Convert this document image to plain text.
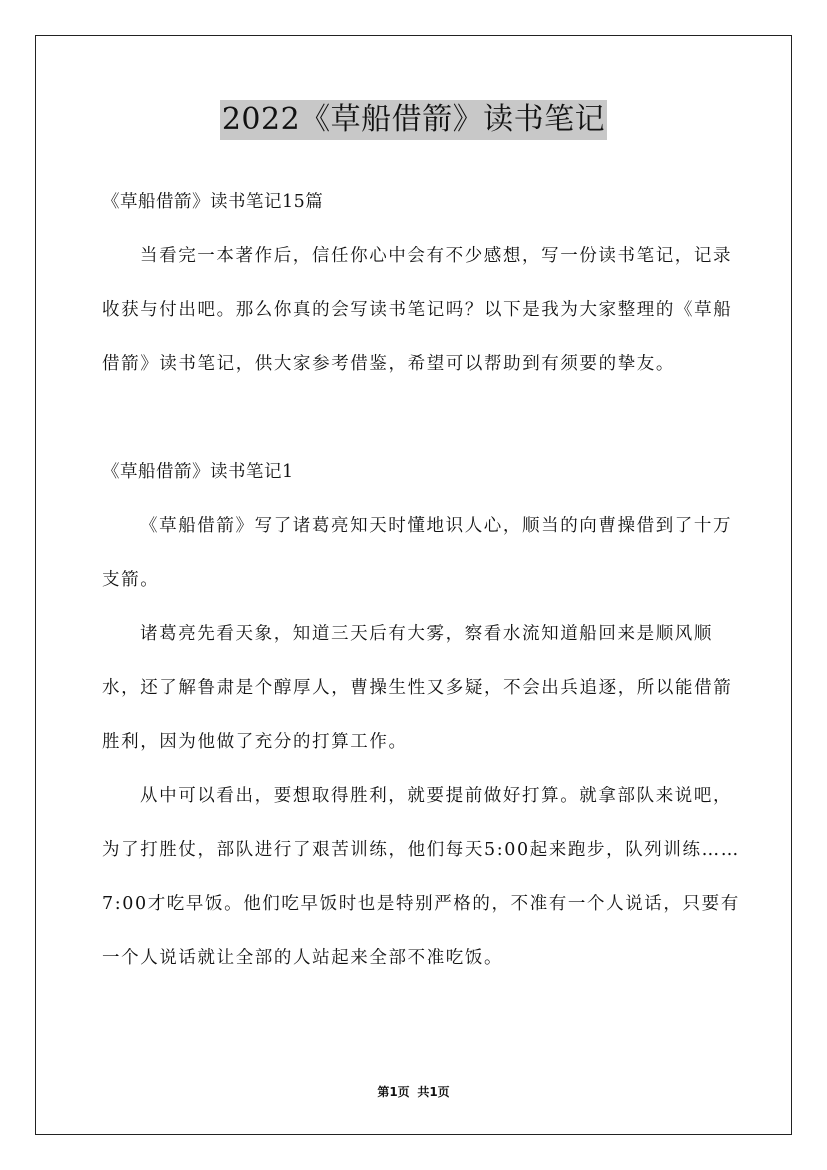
2022《草船借箭》读书笔记

《草船借箭》读书笔记15篇

当看完一本著作后，信任你心中会有不少感想，写一份读书笔记，记录收获与付出吧。那么你真的会写读书笔记吗？以下是我为大家整理的《草船借箭》读书笔记，供大家参考借鉴，希望可以帮助到有须要的挚友。

《草船借箭》读书笔记1

《草船借箭》写了诸葛亮知天时懂地识人心，顺当的向曹操借到了十万支箭。

诸葛亮先看天象，知道三天后有大雾，察看水流知道船回来是顺风顺水，还了解鲁肃是个醇厚人，曹操生性又多疑，不会出兵追逐，所以能借箭胜利，因为他做了充分的打算工作。

从中可以看出，要想取得胜利，就要提前做好打算。就拿部队来说吧，为了打胜仗，部队进行了艰苦训练，他们每天5:00起来跑步，队列训练……7:00才吃早饭。他们吃早饭时也是特别严格的，不准有一个人说话，只要有一个人说话就让全部的人站起来全部不准吃饭。

第1页 共1页
